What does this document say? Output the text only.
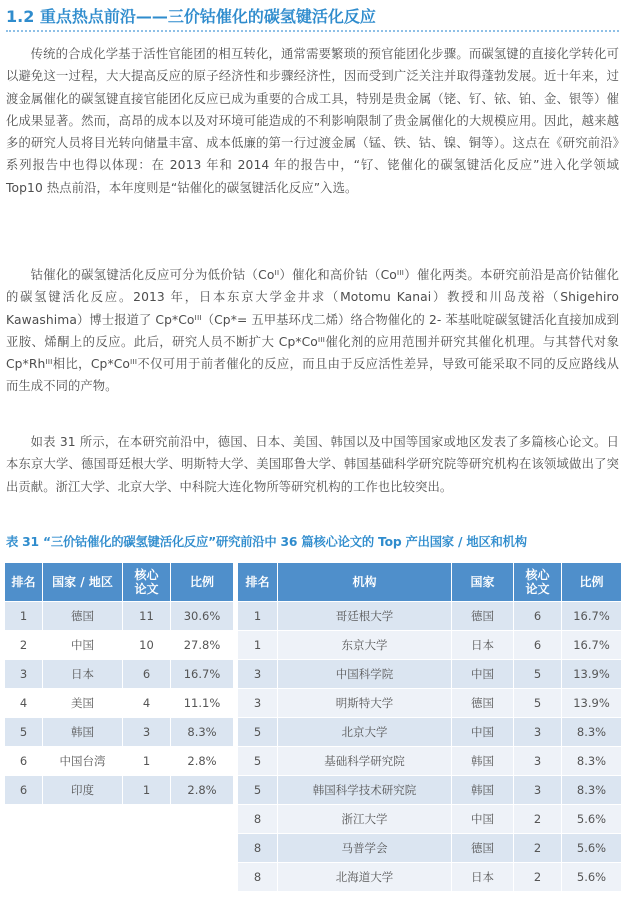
1.2 重点热点前沿——三价钴催化的碳氢键活化反应

传统的合成化学基于活性官能团的相互转化，通常需要繁琐的预官能团化步骤。而碳氢键的直接化学转化可以避免这一过程，大大提高反应的原子经济性和步骤经济性，因而受到广泛关注并取得蓬勃发展。近十年来，过渡金属催化的碳氢键直接官能团化反应已成为重要的合成工具，特别是贵金属（铑、钌、铱、铂、金、银等）催化成果显著。然而，高昂的成本以及对环境可能造成的不利影响限制了贵金属催化的大规模应用。因此，越来越多的研究人员将目光转向储量丰富、成本低廉的第一行过渡金属（锰、铁、钴、镍、铜等）。这点在《研究前沿》系列报告中也得以体现：在 2013 年和 2014 年的报告中，“钌、铑催化的碳氢键活化反应”进入化学领域 Top10 热点前沿，本年度则是“钴催化的碳氢键活化反应”入选。

钴催化的碳氢键活化反应可分为低价钴（Coᴵᴵ）催化和高价钴（Coᴵᴵᴵ）催化两类。本研究前沿是高价钴催化的碳氢键活化反应。2013 年，日本东京大学金井求（Motomu Kanai）教授和川岛茂裕（Shigehiro Kawashima）博士报道了 Cp*Coᴵᴵᴵ（Cp*= 五甲基环戊二烯）络合物催化的 2- 苯基吡啶碳氢键活化直接加成到亚胺、烯酮上的反应。此后，研究人员不断扩大 Cp*Coᴵᴵᴵ催化剂的应用范围并研究其催化机理。与其替代对象 Cp*Rhᴵᴵᴵ相比，Cp*Coᴵᴵᴵ不仅可用于前者催化的反应，而且由于反应活性差异，导致可能采取不同的反应路线从而生成不同的产物。

如表 31 所示，在本研究前沿中，德国、日本、美国、韩国以及中国等国家或地区发表了多篇核心论文。日本东京大学、德国哥廷根大学、明斯特大学、美国耶鲁大学、韩国基础科学研究院等研究机构在该领域做出了突出贡献。浙江大学、北京大学、中科院大连化物所等研究机构的工作也比较突出。

表 31 “三价钴催化的碳氢键活化反应”研究前沿中 36 篇核心论文的 Top 产出国家 / 地区和机构
排名	国家 / 地区	核心
论文	比例
1	德国	11	30.6%
2	中国	10	27.8%
3	日本	6	16.7%
4	美国	4	11.1%
5	韩国	3	8.3%
6	中国台湾	1	2.8%
6	印度	1	2.8%
排名	机构	国家	核心
论文	比例
1	哥廷根大学	德国	6	16.7%
1	东京大学	日本	6	16.7%
3	中国科学院	中国	5	13.9%
3	明斯特大学	德国	5	13.9%
5	北京大学	中国	3	8.3%
5	基础科学研究院	韩国	3	8.3%
5	韩国科学技术研究院	韩国	3	8.3%
8	浙江大学	中国	2	5.6%
8	马普学会	德国	2	5.6%
8	北海道大学	日本	2	5.6%
